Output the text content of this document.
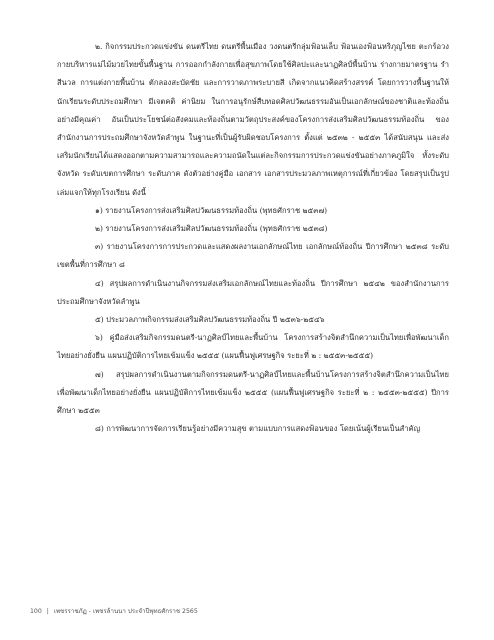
๒. กิจกรรมประกวดแข่งขัน ดนตรีไทย ดนตรีพื้นเมือง วงดนตรีกลุ่มฟ้อนเล็บ ฟ้อนเองฟ้อนหริภุญไชย ตะกร้อวง กายบริหารแม่ไม้มวยไทยขั้นพื้นฐาน การออกกำลังกายเพื่อสุขภาพโดยใช้ศิลปะและนาฏศิลป์พื้นบ้าน ร่างกายมาตรฐาน รำสีนวล การแต่งกายพื้นบ้าน ตักลองสะบัดชัย และการวาดภาพระบายสี เกิดจากแนวคิดสร้างสรรค์ โดยการวางพื้นฐานให้นักเรียนระดับประถมศึกษา มีเจตคติ ค่านิยม ในการอนุรักษ์สืบทอดศิลปวัฒนธรรมอันเป็นเอกลักษณ์ของชาติและท้องถิ่น อย่างมีคุณค่า อันเป็นประโยชน์ต่อสังคมและท้องถิ่นตามวัตถุประสงค์ของโครงการส่งเสริมศิลปวัฒนธรรมท้องถิ่น ของสำนักงานการประถมศึกษาจังหวัดลำพูน ในฐานะที่เป็นผู้รับผิดชอบโครงการ ตั้งแต่ ๒๕๓๒ - ๒๕๕๓ ได้สนับสนุน และส่งเสริมนักเรียนได้แสดงออกตามความสามารถและความถนัดในแต่ละกิจกรรมการประกวดแข่งขันอย่างภาคภูมิใจ ทั้งระดับจังหวัด ระดับเขตการศึกษา ระดับภาค ดังตัวอย่างคู่มือ เอกสาร เอกสารประมวลภาพเหตุการณ์ที่เกี่ยวข้อง โดยสรุปเป็นรูปเล่มแจกให้ทุกโรงเรียน ดังนี้

๑) รายงานโครงการส่งเสริมศิลปวัฒนธรรมท้องถิ่น (พุทธศักราช ๒๕๓๗)
๒) รายงานโครงการส่งเสริมศิลปวัฒนธรรมท้องถิ่น (พุทธศักราช ๒๕๓๘)
๓) รายงานโครงการการประกวดและแสดงผลงานเอกลักษณ์ไทย เอกลักษณ์ท้องถิ่น ปีการศึกษา ๒๕๓๘ ระดับเขตพื้นที่การศึกษา ๘
๔) สรุปผลการดำเนินงานกิจกรรมส่งเสริมเอกลักษณ์ไทยและท้องถิ่น ปีการศึกษา ๒๕๔๒ ของสำนักงานการประถมศึกษาจังหวัดลำพูน
๕) ประมวลภาพกิจกรรมส่งเสริมศิลปวัฒนธรรมท้องถิ่น ปี ๒๕๓๖-๒๕๔๖
๖) คู่มือส่งเสริมกิจกรรมดนตรี-นาฏศิลป์ไทยและพื้นบ้าน โครงการสร้างจิตสำนึกความเป็นไทยเพื่อพัฒนาเด็กไทยอย่างยั่งยืน แผนปฏิบัติการไทยเข้มแข็ง ๒๕๕๕ (แผนฟื้นฟูเศรษฐกิจ ระยะที่ ๒ : ๒๕๕๓-๒๕๕๕)
๗) สรุปผลการดำเนินงานตามกิจกรรมดนตรี-นาฏศิลป์ไทยและพื้นบ้านโครงการสร้างจิตสำนึกความเป็นไทยเพื่อพัฒนาเด็กไทยอย่างยั่งยืน แผนปฏิบัติการไทยเข้มแข็ง ๒๕๕๕ (แผนฟื้นฟูเศรษฐกิจ ระยะที่ ๒ : ๒๕๕๓-๒๕๕๕) ปีการศึกษา ๒๕๕๓
๘) การพัฒนาการจัดการเรียนรู้อย่างมีความสุข ตามแบบการแสดงฟ้อนของ โดยเน้นผู้เรียนเป็นสำคัญ
100 | เพชรราชภัฏ - เพชรล้านนา ประจำปีพุทธศักราช 2565
